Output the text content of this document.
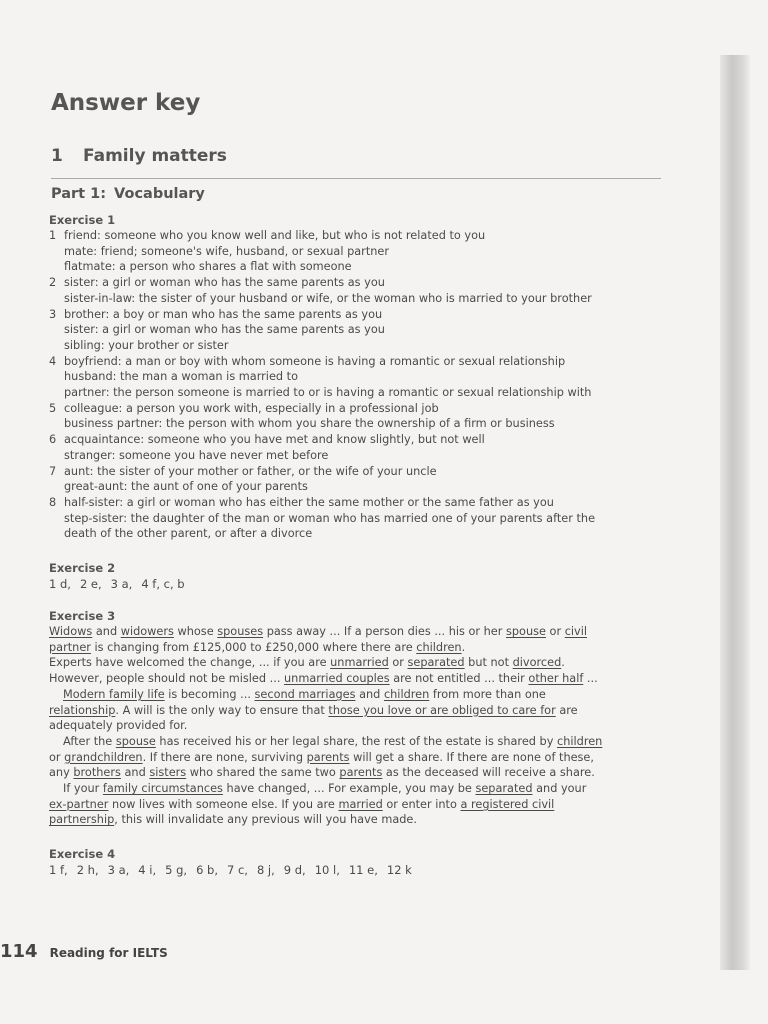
Answer key
1 Family matters
Part 1: Vocabulary
Exercise 1
1 friend: someone who you know well and like, but who is not related to you
mate: friend; someone's wife, husband, or sexual partner
flatmate: a person who shares a flat with someone
2 sister: a girl or woman who has the same parents as you
sister-in-law: the sister of your husband or wife, or the woman who is married to your brother
3 brother: a boy or man who has the same parents as you
sister: a girl or woman who has the same parents as you
sibling: your brother or sister
4 boyfriend: a man or boy with whom someone is having a romantic or sexual relationship
husband: the man a woman is married to
partner: the person someone is married to or is having a romantic or sexual relationship with
5 colleague: a person you work with, especially in a professional job
business partner: the person with whom you share the ownership of a firm or business
6 acquaintance: someone who you have met and know slightly, but not well
stranger: someone you have never met before
7 aunt: the sister of your mother or father, or the wife of your uncle
great-aunt: the aunt of one of your parents
8 half-sister: a girl or woman who has either the same mother or the same father as you
step-sister: the daughter of the man or woman who has married one of your parents after the
death of the other parent, or after a divorce
Exercise 2
1 d, 2 e, 3 a, 4 f, c, b
Exercise 3
Widows and widowers whose spouses pass away ... If a person dies ... his or her spouse or civil
partner is changing from £125,000 to £250,000 where there are children.
Experts have welcomed the change, ... if you are unmarried or separated but not divorced.
However, people should not be misled ... unmarried couples are not entitled ... their other half ...
Modern family life is becoming ... second marriages and children from more than one
relationship. A will is the only way to ensure that those you love or are obliged to care for are
adequately provided for.
After the spouse has received his or her legal share, the rest of the estate is shared by children
or grandchildren. If there are none, surviving parents will get a share. If there are none of these,
any brothers and sisters who shared the same two parents as the deceased will receive a share.
If your family circumstances have changed, ... For example, you may be separated and your
ex-partner now lives with someone else. If you are married or enter into a registered civil
partnership, this will invalidate any previous will you have made.
Exercise 4
1 f, 2 h, 3 a, 4 i, 5 g, 6 b, 7 c, 8 j, 9 d, 10 l, 11 e, 12 k
114 Reading for IELTS
